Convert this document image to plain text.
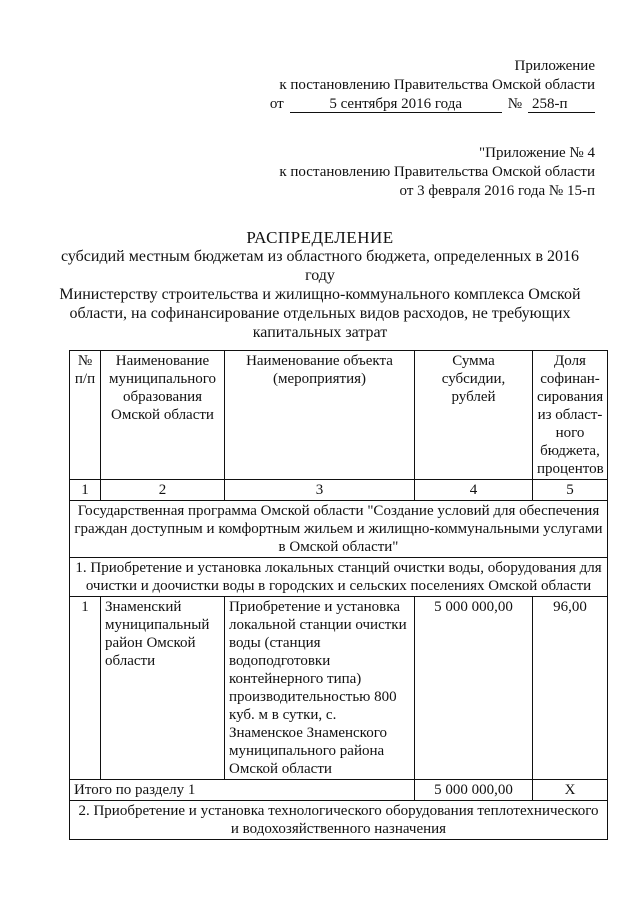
Приложение
к постановлению Правительства Омской области
от	5 сентября 2016 года	№ 258-п
"Приложение № 4
к постановлению Правительства Омской области
от 3 февраля 2016 года № 15-п
РАСПРЕДЕЛЕНИЕ
субсидий местным бюджетам из областного бюджета, определенных в 2016 году
Министерству строительства и жилищно-коммунального комплекса Омской
области, на софинансирование отдельных видов расходов, не требующих
капитальных затрат
№ п/п	Наименование муниципального образования Омской области	Наименование объекта (мероприятия)	Сумма субсидии, рублей	Доля софинан-сирования из област-ного бюджета, процентов
1	2	3	4	5
Государственная программа Омской области "Создание условий для обеспечения граждан доступным и комфортным жильем и жилищно-коммунальными услугами в Омской области"				
1. Приобретение и установка локальных станций очистки воды, оборудования для очистки и доочистки воды в городских и сельских поселениях Омской области				
1	Знаменский муниципальный район Омской области	Приобретение и установка локальной станции очистки воды (станция водоподготовки контейнерного типа) производительностью 800 куб. м в сутки, с. Знаменское Знаменского муниципального района Омской области	5 000 000,00	96,00
Итого по разделу 1			5 000 000,00	X
2. Приобретение и установка технологического оборудования теплотехнического и водохозяйственного назначения				
